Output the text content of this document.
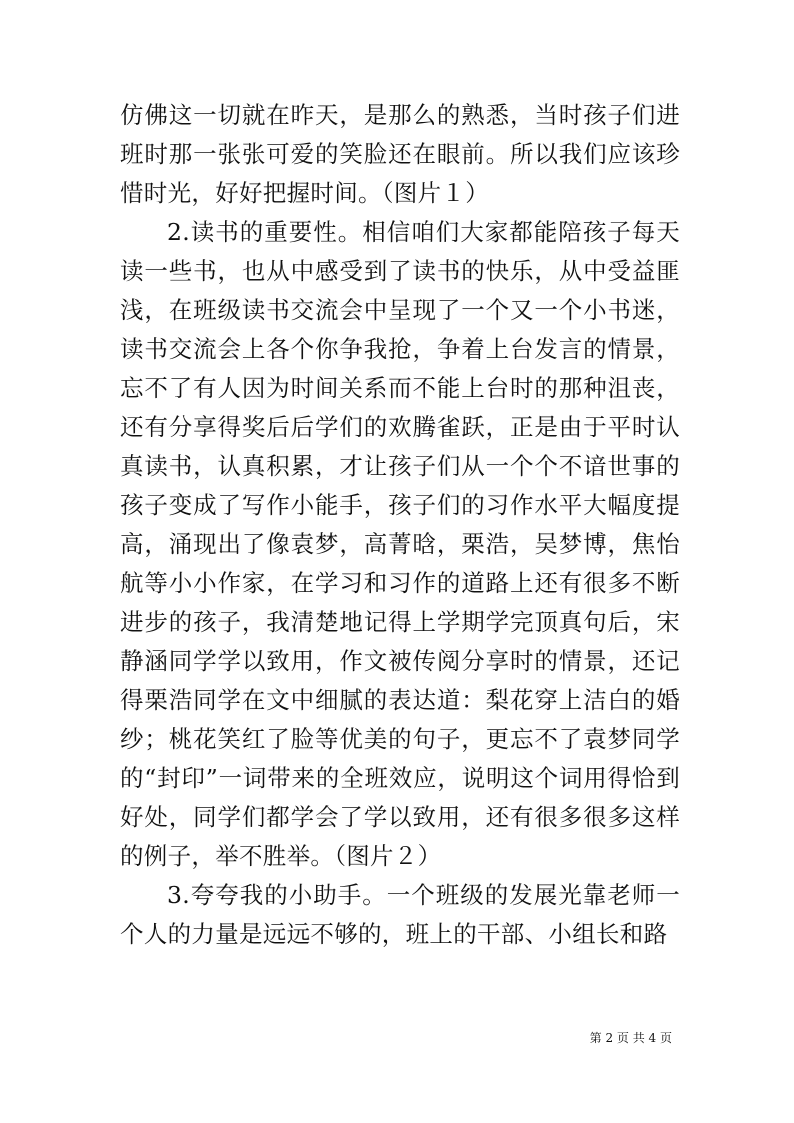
仿佛这一切就在昨天，是那么的熟悉，当时孩子们进班时那一张张可爱的笑脸还在眼前。所以我们应该珍惜时光，好好把握时间。（图片１）

2.读书的重要性。相信咱们大家都能陪孩子每天读一些书，也从中感受到了读书的快乐，从中受益匪浅，在班级读书交流会中呈现了一个又一个小书迷，读书交流会上各个你争我抢，争着上台发言的情景，忘不了有人因为时间关系而不能上台时的那种沮丧，还有分享得奖后后学们的欢腾雀跃，正是由于平时认真读书，认真积累，才让孩子们从一个个不谙世事的孩子变成了写作小能手，孩子们的习作水平大幅度提高，涌现出了像袁梦，高菁晗，栗浩，吴梦博，焦怡航等小小作家，在学习和习作的道路上还有很多不断进步的孩子，我清楚地记得上学期学完顶真句后，宋静涵同学学以致用，作文被传阅分享时的情景，还记得栗浩同学在文中细腻的表达道：梨花穿上洁白的婚纱；桃花笑红了脸等优美的句子，更忘不了袁梦同学的“封印”一词带来的全班效应，说明这个词用得恰到好处，同学们都学会了学以致用，还有很多很多这样的例子，举不胜举。（图片２）

3.夸夸我的小助手。一个班级的发展光靠老师一个人的力量是远远不够的，班上的干部、小组长和路

第 2 页 共 4 页
